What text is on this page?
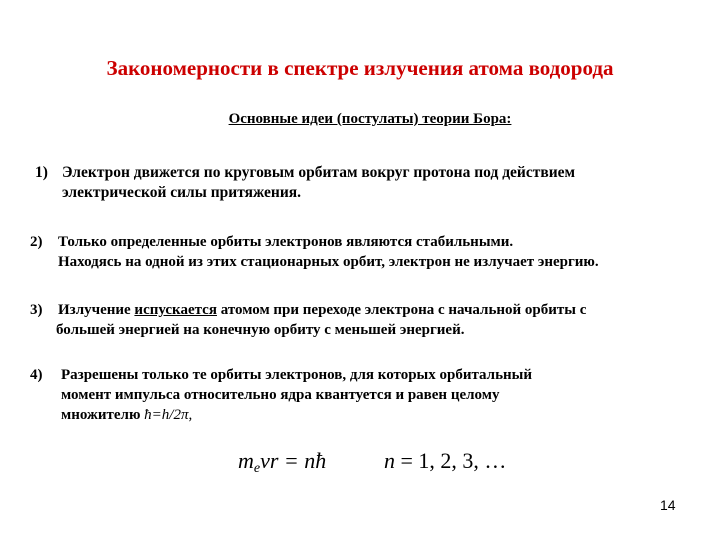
Закономерности в спектре излучения атома водорода
Основные идеи (постулаты) теории Бора:
1) Электрон движется по круговым орбитам вокруг протона под действием
электрической силы притяжения.
2) Только определенные орбиты электронов являются стабильными.
Находясь на одной из этих стационарных орбит, электрон не излучает энергию.
3) Излучение испускается атомом при переходе электрона с начальной орбиты с
большей энергией на конечную орбиту с меньшей энергией.
4) Разрешены только те орбиты электронов, для которых орбитальный
момент импульса относительно ядра квантуется и равен целому
множителю ħ=h/2π,
$m_evr$ = nħ	n = 1, 2, 3, …
14
